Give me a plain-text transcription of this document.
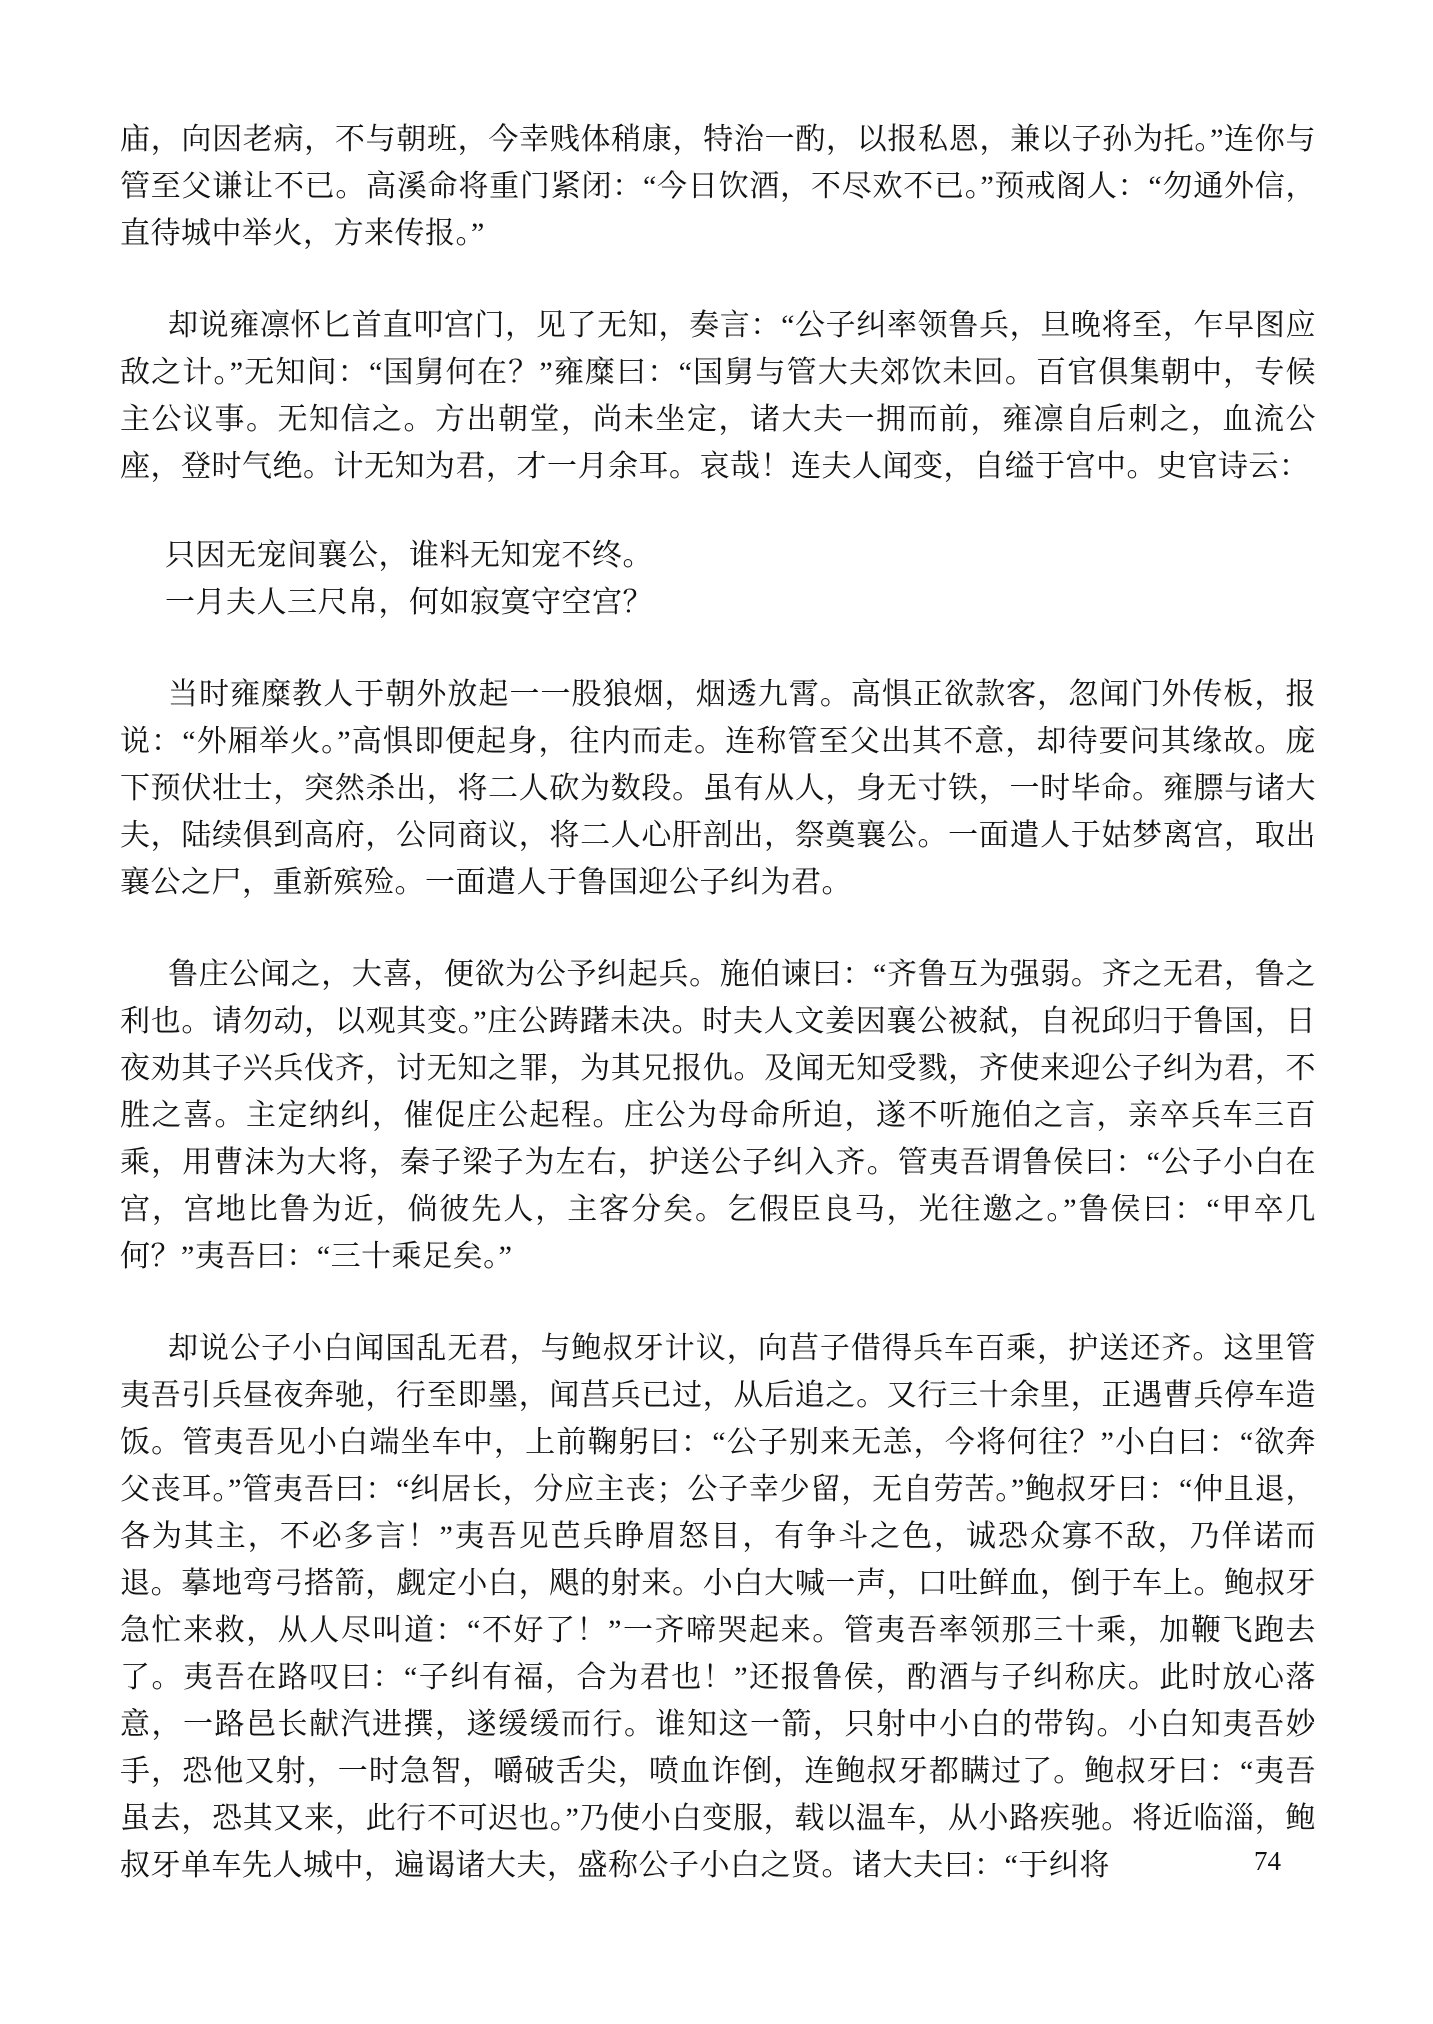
庙，向因老病，不与朝班，今幸贱体稍康，特治一酌，以报私恩，兼以子孙为托。”连你与管至父谦让不已。高溪命将重门紧闭：“今日饮酒，不尽欢不已。”预戒阁人：“勿通外信，直待城中举火，方来传报。”

却说雍凛怀匕首直叩宫门，见了无知，奏言：“公子纠率领鲁兵，旦晚将至，乍早图应敌之计。”无知间：“国舅何在？”雍糜曰：“国舅与管大夫郊饮未回。百官俱集朝中，专候主公议事。无知信之。方出朝堂，尚未坐定，诸大夫一拥而前，雍凛自后刺之，血流公座，登时气绝。计无知为君，才一月余耳。哀哉！连夫人闻变，自缢于宫中。史官诗云：

只因无宠间襄公，谁料无知宠不终。
一月夫人三尺帛，何如寂寞守空宫？

当时雍糜教人于朝外放起一一股狼烟，烟透九霄。高惧正欲款客，忽闻门外传板，报说：“外厢举火。”高惧即便起身，往内而走。连称管至父出其不意，却待要问其缘故。庞下预伏壮士，突然杀出，将二人砍为数段。虽有从人，身无寸铁，一时毕命。雍膘与诸大夫，陆续俱到高府，公同商议，将二人心肝剖出，祭奠襄公。一面遣人于姑梦离宫，取出襄公之尸，重新殡殓。一面遣人于鲁国迎公子纠为君。

鲁庄公闻之，大喜，便欲为公予纠起兵。施伯谏曰：“齐鲁互为强弱。齐之无君，鲁之利也。请勿动，以观其变。”庄公踌躇未决。时夫人文姜因襄公被弑，自祝邱归于鲁国，日夜劝其子兴兵伐齐，讨无知之罪，为其兄报仇。及闻无知受戮，齐使来迎公子纠为君，不胜之喜。主定纳纠，催促庄公起程。庄公为母命所迫，遂不听施伯之言，亲卒兵车三百乘，用曹沫为大将，秦子梁子为左右，护送公子纠入齐。管夷吾谓鲁侯曰：“公子小白在宫，宫地比鲁为近，倘彼先人，主客分矣。乞假臣良马，光往邀之。”鲁侯曰：“甲卒几何？”夷吾曰：“三十乘足矣。”

却说公子小白闻国乱无君，与鲍叔牙计议，向莒子借得兵车百乘，护送还齐。这里管夷吾引兵昼夜奔驰，行至即墨，闻莒兵已过，从后追之。又行三十余里，正遇曹兵停车造饭。管夷吾见小白端坐车中，上前鞠躬曰：“公子别来无恙，今将何往？”小白曰：“欲奔父丧耳。”管夷吾曰：“纠居长，分应主丧；公子幸少留，无自劳苦。”鲍叔牙曰：“仲且退，各为其主，不必多言！”夷吾见芭兵睁眉怒目，有争斗之色，诚恐众寡不敌，乃佯诺而退。摹地弯弓搭箭，觑定小白，飓的射来。小白大喊一声，口吐鲜血，倒于车上。鲍叔牙急忙来救，从人尽叫道：“不好了！”一齐啼哭起来。管夷吾率领那三十乘，加鞭飞跑去了。夷吾在路叹曰：“子纠有福，合为君也！”还报鲁侯，酌酒与子纠称庆。此时放心落意，一路邑长献汽进撰，遂缓缓而行。谁知这一箭，只射中小白的带钩。小白知夷吾妙手，恐他又射，一时急智，嚼破舌尖，喷血诈倒，连鲍叔牙都瞒过了。鲍叔牙曰：“夷吾虽去，恐其又来，此行不可迟也。”乃使小白变服，载以温车，从小路疾驰。将近临淄，鲍叔牙单车先人城中，遍谒诸大夫，盛称公子小白之贤。诸大夫曰：“于纠将	74
